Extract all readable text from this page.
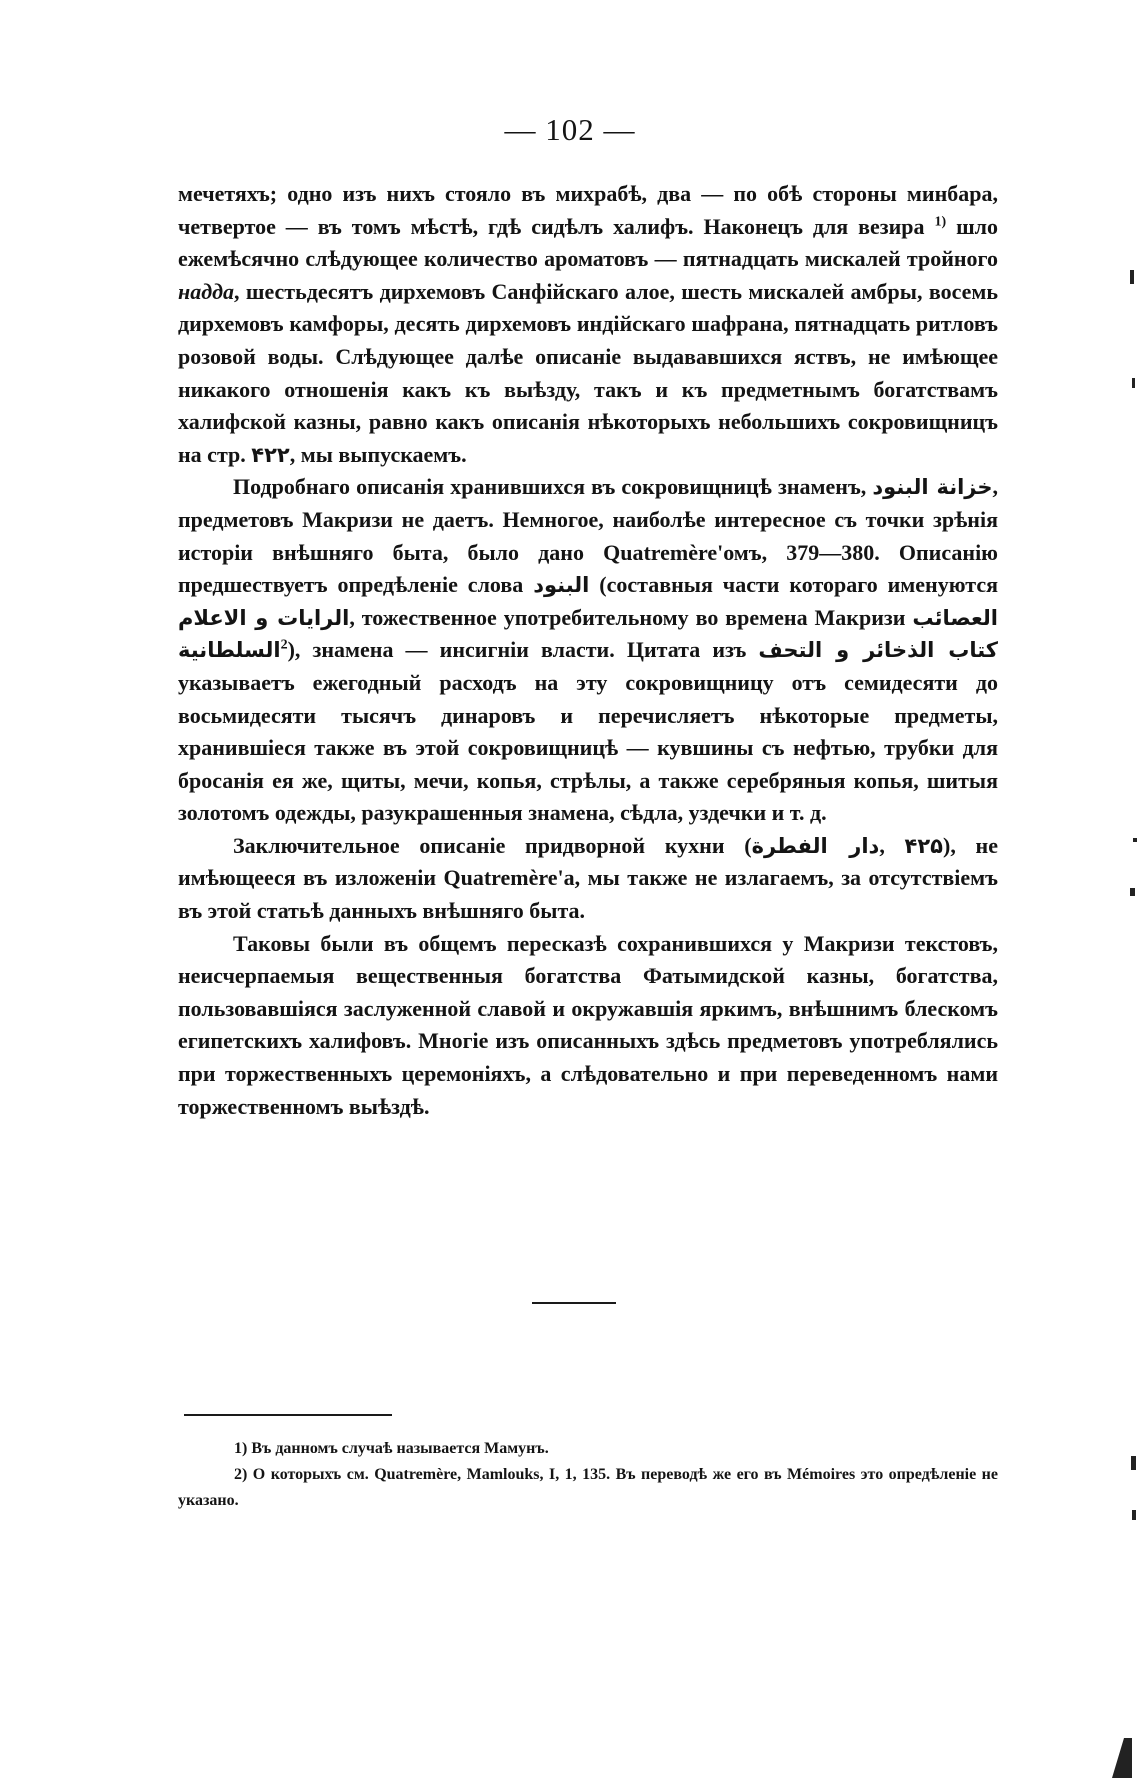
— 102 —

мечетяхъ; одно изъ нихъ стояло въ михрабѣ, два — по обѣ стороны минбара, четвертое — въ томъ мѣстѣ, гдѣ сидѣлъ халифъ. Наконецъ для везира $^{1)}$ шло ежемѣсячно слѣдующее количество ароматовъ — пятнадцать мискалей тройного надда, шестьдесятъ дирхемовъ Санфійскаго алое, шесть мискалей амбры, восемь дирхемовъ камфоры, десять дирхемовъ индійскаго шафрана, пятнадцать ритловъ розовой воды. Слѣдующее далѣе описаніе выдававшихся яствъ, не имѣющее никакого отношенія какъ къ выѣзду, такъ и къ предметнымъ богатствамъ халифской казны, равно какъ описанія нѣкоторыхъ небольшихъ сокровищницъ на стр. ۴۲۲, мы выпускаемъ.

Подробнаго описанія хранившихся въ сокровищницѣ знаменъ, خزانة البنود, предметовъ Макризи не даетъ. Немногое, наиболѣе интересное съ точки зрѣнія исторіи внѣшняго быта, было дано Quatremère'омъ, 379—380. Описанію предшествуетъ опредѣленіе слова البنود (составныя части котораго именуются الرايات و الاعلام, тожественное употребительному во времена Макризи العصائب السلطانية$^2$), знамена — инсигніи власти. Цитата изъ كتاب الذخائر و التحف указываетъ ежегодный расходъ на эту сокровищницу отъ семидесяти до восьмидесяти тысячъ динаровъ и перечисляетъ нѣкоторые предметы, хранившіеся также въ этой сокровищницѣ — кувшины съ нефтью, трубки для бросанія ея же, щиты, мечи, копья, стрѣлы, а также серебряныя копья, шитыя золотомъ одежды, разукрашенныя знамена, сѣдла, уздечки и т. д.

Заключительное описаніе придворной кухни (دار الفطرة, ۴۲۵), не имѣющееся въ изложеніи Quatremère'a, мы также не излагаемъ, за отсутствіемъ въ этой статьѣ данныхъ внѣшняго быта.

Таковы были въ общемъ пересказѣ сохранившихся у Макризи текстовъ, неисчерпаемыя вещественныя богатства Фатымидской казны, богатства, пользовавшіяся заслуженной славой и окружавшія яркимъ, внѣшнимъ блескомъ египетскихъ халифовъ. Многіе изъ описанныхъ здѣсь предметовъ употреблялись при торжественныхъ церемоніяхъ, а слѣдовательно и при переведенномъ нами торжественномъ выѣздѣ.

1) Въ данномъ случаѣ называется Мамунъ.

2) О которыхъ см. Quatremère, Mamlouks, I, 1, 135. Въ переводѣ же его въ Mémoires это опредѣленіе не указано.
